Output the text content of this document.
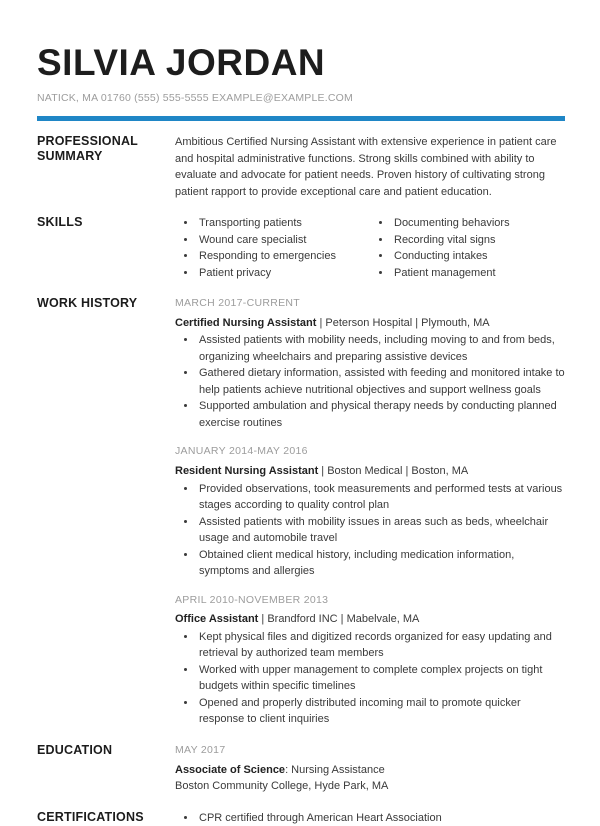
SILVIA JORDAN
NATICK, MA 01760 (555) 555-5555 EXAMPLE@EXAMPLE.COM
PROFESSIONAL SUMMARY
Ambitious Certified Nursing Assistant with extensive experience in patient care and hospital administrative functions. Strong skills combined with ability to evaluate and advocate for patient needs. Proven history of cultivating strong patient rapport to provide exceptional care and patient education.
SKILLS	• Transporting patients
• Wound care specialist
• Responding to emergencies
• Patient privacy
• Documenting behaviors
• Recording vital signs
• Conducting intakes
• Patient management
WORK HISTORY	MARCH 2017-CURRENT
Certified Nursing Assistant | Peterson Hospital | Plymouth, MA
• Assisted patients with mobility needs, including moving to and from beds, organizing wheelchairs and preparing assistive devices
• Gathered dietary information, assisted with feeding and monitored intake to help patients achieve nutritional objectives and support wellness goals
• Supported ambulation and physical therapy needs by conducting planned exercise routines
JANUARY 2014-MAY 2016
Resident Nursing Assistant | Boston Medical | Boston, MA
• Provided observations, took measurements and performed tests at various stages according to quality control plan
• Assisted patients with mobility issues in areas such as beds, wheelchair usage and automobile travel
• Obtained client medical history, including medication information, symptoms and allergies
APRIL 2010-NOVEMBER 2013
Office Assistant | Brandford INC | Mabelvale, MA
• Kept physical files and digitized records organized for easy updating and retrieval by authorized team members
• Worked with upper management to complete complex projects on tight budgets within specific timelines
• Opened and properly distributed incoming mail to promote quicker response to client inquiries
EDUCATION	MAY 2017
Associate of Science: Nursing Assistance
Boston Community College, Hyde Park, MA
CERTIFICATIONS	• CPR certified through American Heart Association
